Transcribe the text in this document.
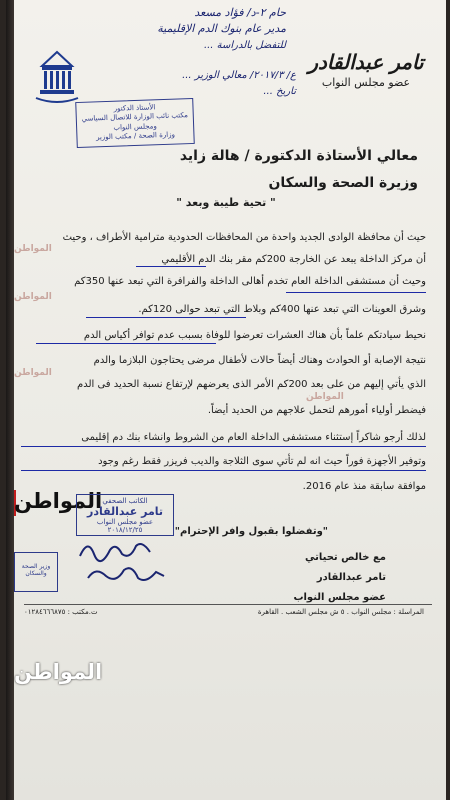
تامر عبدالقادر
عضو مجلس النواب
حام ٢-د/ فؤاد مسعد
مدير عام بنوك الدم الإقليمية
للتفضل بالدراسة ...
ع/ ٢٠١٧/٣/ معالي الوزير ...
تاريخ ...
الأستاذ الدكتور
مكتب نائب الوزارة للاتصال السياسي
ومجلس النواب
وزارة الصحة / مكتب الوزير
معالي الأستاذة الدكتورة / هالة زايد
وزيرة الصحة والسكان
" تحية طيبة وبعد "
حيث أن محافظة الوادى الجديد واحدة من المحافظات الحدودية مترامية الأطراف ، وحيث
أن مركز الداخلة يبعد عن الخارجة 200كم مقر بنك الدم الأقليمي
وحيث أن مستشفى الداخلة العام تخدم أهالى الداخلة والفرافرة التي تبعد عنها 350كم
وشرق العوينات التي تبعد عنها 400كم وبلاط التي تبعد حوالى 120كم.
نحيط سيادتكم علماً بأن هناك العشرات تعرضوا للوفاة بسبب عدم توافر أكياس الدم
نتيجة الإصابة أو الحوادث وهناك أيضاً حالات لأطفال مرضى يحتاجون البلازما والدم
الذي يأتي إليهم من على بعد 200كم الأمر الذى يعرضهم لإرتفاع نسبة الحديد فى الدم
فيضطر أولياء أمورهم لتحمل علاجهم من الحديد أيضاً.
لذلك أرجو شاكراً إستثناء مستشفى الداخلة العام من الشروط وانشاء بنك دم إقليمى
وتوفير الأجهزة فوراً حيث انه لم تأتي سوى الثلاجة والديب فريزر فقط رغم وجود
موافقة سابقة منذ عام 2016.
المواطن
المواطن
المواطن
المواطن
المواطن الكاتب الصحفي
تامر عبدالقادر
عضو مجلس النواب
٢٠١٨/١٢/٢٥	"وتفضلوا بقبول وافر الإحترام"
مع خالص تحياتي
تامر عبدالقادر
عضو مجلس النواب
وزير الصحة والسكان
المراسلة : مجلس النواب . ٥ ش مجلس الشعب . القاهرة
ت.مكتب : ٠١٢٨٤٦٦٦٨٧٥
المواطن
